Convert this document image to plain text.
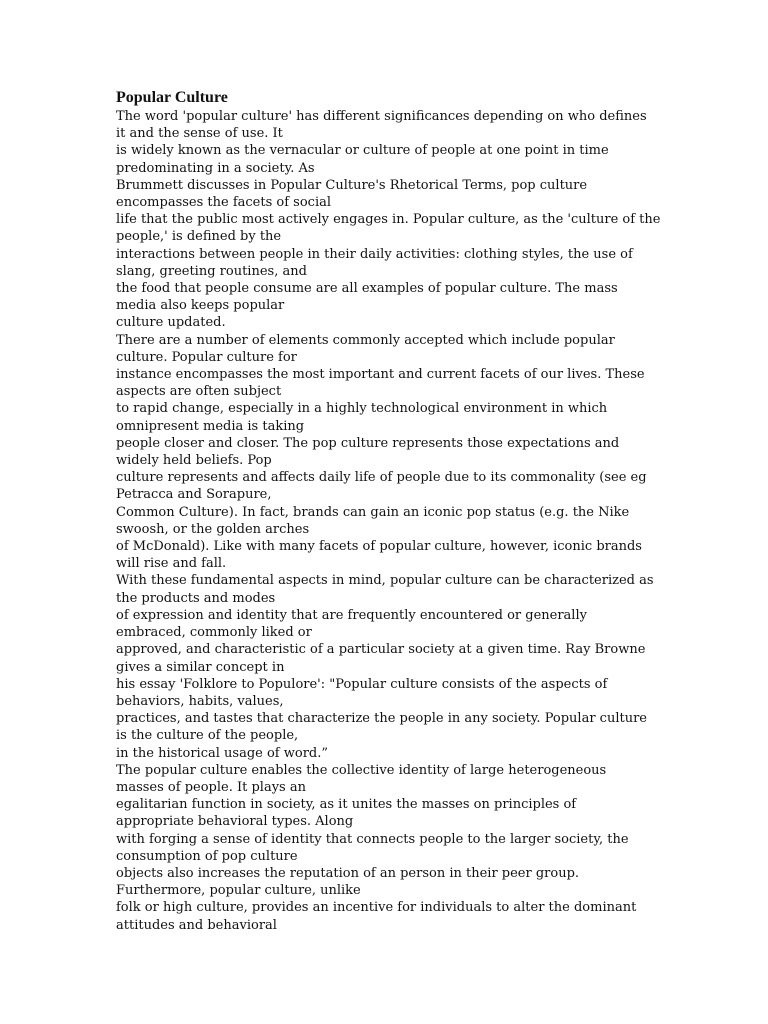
Popular Culture

The word 'popular culture' has different significances depending on who defines

it and the sense of use. It

is widely known as the vernacular or culture of people at one point in time

predominating in a society. As

Brummett discusses in Popular Culture's Rhetorical Terms, pop culture

encompasses the facets of social

life that the public most actively engages in. Popular culture, as the 'culture of the

people,' is defined by the

interactions between people in their daily activities: clothing styles, the use of

slang, greeting routines, and

the food that people consume are all examples of popular culture. The mass

media also keeps popular

culture updated.

There are a number of elements commonly accepted which include popular

culture. Popular culture for

instance encompasses the most important and current facets of our lives. These

aspects are often subject

to rapid change, especially in a highly technological environment in which

omnipresent media is taking

people closer and closer. The pop culture represents those expectations and

widely held beliefs. Pop

culture represents and affects daily life of people due to its commonality (see eg

Petracca and Sorapure,

Common Culture). In fact, brands can gain an iconic pop status (e.g. the Nike

swoosh, or the golden arches

of McDonald). Like with many facets of popular culture, however, iconic brands

will rise and fall.

With these fundamental aspects in mind, popular culture can be characterized as

the products and modes

of expression and identity that are frequently encountered or generally

embraced, commonly liked or

approved, and characteristic of a particular society at a given time. Ray Browne

gives a similar concept in

his essay 'Folklore to Populore': "Popular culture consists of the aspects of

behaviors, habits, values,

practices, and tastes that characterize the people in any society. Popular culture

is the culture of the people,

in the historical usage of word.”

The popular culture enables the collective identity of large heterogeneous

masses of people. It plays an

egalitarian function in society, as it unites the masses on principles of

appropriate behavioral types. Along

with forging a sense of identity that connects people to the larger society, the

consumption of pop culture

objects also increases the reputation of an person in their peer group.

Furthermore, popular culture, unlike

folk or high culture, provides an incentive for individuals to alter the dominant

attitudes and behavioral
